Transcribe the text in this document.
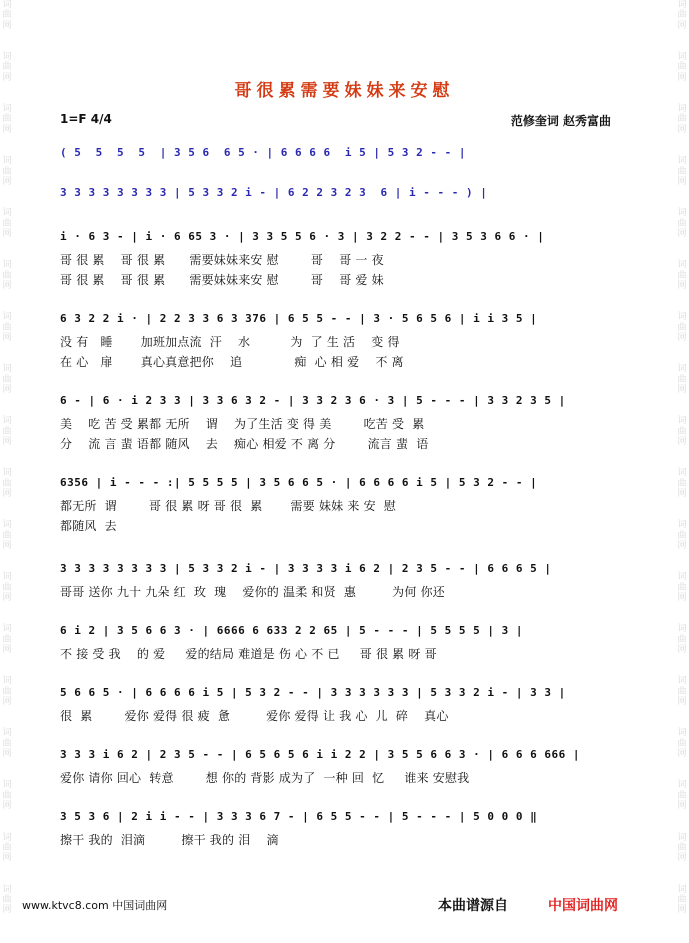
词
曲
网

词
曲
网

词
曲
网

词
曲
网

词
曲
网

词
曲
网

词
曲
网

词
曲
网

词
曲
网

词
曲
网

词
曲
网

词
曲
网

词
曲
网

词
曲
网

词
曲
网

词
曲
网

词
曲
网

词
曲
网
词
曲
网

词
曲
网

词
曲
网

词
曲
网

词
曲
网

词
曲
网

词
曲
网

词
曲
网

词
曲
网

词
曲
网

词
曲
网

词
曲
网

词
曲
网

词
曲
网

词
曲
网

词
曲
网

词
曲
网

词
曲
网
哥很累需要妹妹来安慰
1=F 4/4	范修奎词 赵秀富曲
( 5  5  5  5  | 3 5 6  6 5 · | 6 6 6 6  i 5 | 5 3 2 - - |
3 3 3 3 3 3 3 3 | 5 3 3 2 i - | 6 2 2 3 2 3  6 | i - - - ) |
i · 6 3 - | i · 6 65 3 · | 3 3 5 5 6 · 3 | 3 2 2 - - | 3 5 3 6 6 · |
哥 很 累    哥 很 累      需要妹妹来安 慰        哥    哥 一 夜
哥 很 累    哥 很 累      需要妹妹来安 慰        哥    哥 爱 妹
6 3 2 2 i · | 2 2 3 3 6 3 376 | 6 5 5 - - | 3 · 5 6 5 6 | i i 3 5 |
没 有   睡       加班加点流  汗    水          为  了 生 活    变 得
在 心   扉       真心真意把你    追             痴  心 相 爱    不 离
6 - | 6 · i 2 3 3 | 3 3 6 3 2 - | 3 3 2 3 6 · 3 | 5 - - - | 3 3 2 3 5 |
美    吃 苦 受 累都 无所    谓    为了生活 变 得 美        吃苦 受  累
分    流 言 蜚 语都 随风    去    痴心 相爱 不 离 分        流言 蜚  语
6356 | i - - - :| 5 5 5 5 | 3 5 6 6 5 · | 6 6 6 6 i 5 | 5 3 2 - - |
都无所  谓        哥 很 累 呀 哥 很  累       需要 妹妹 来 安  慰
都随风  去
3 3 3 3 3 3 3 3 | 5 3 3 2 i - | 3 3 3 3 i 6 2 | 2 3 5 - - | 6 6 6 5 |
哥哥 送你 九十 九朵 红  玫  瑰    爱你的 温柔 和贤  惠         为何 你还
6 i 2 | 3 5 6 6 3 · | 6666 6 633 2 2 65 | 5 - - - | 5 5 5 5 | 3 |
不 接 受 我    的 爱     爱的结局 难道是 伤 心 不 已     哥 很 累 呀 哥
5 6 6 5 · | 6 6 6 6 i 5 | 5 3 2 - - | 3 3 3 3 3 3 | 5 3 3 2 i - | 3 3 |
很  累        爱你 爱得 很 疲  惫         爱你 爱得 让 我 心  儿  碎    真心
3 3 3 i 6 2 | 2 3 5 - - | 6 5 6 5 6 i i 2 2 | 3 5 5 6 6 3 · | 6 6 6 666 |
爱你 请你 回心  转意        想 你的 背影 成为了  一种 回  忆     谁来 安慰我
3 5 3 6 | 2 i i - - | 3 3 3 6 7 - | 6 5 5 - - | 5 - - - | 5 0 0 0 ‖
擦干 我的  泪滴         擦干 我的 泪    滴
www.ktvc8.com 中国词曲网	本曲谱源自	中国词曲网
